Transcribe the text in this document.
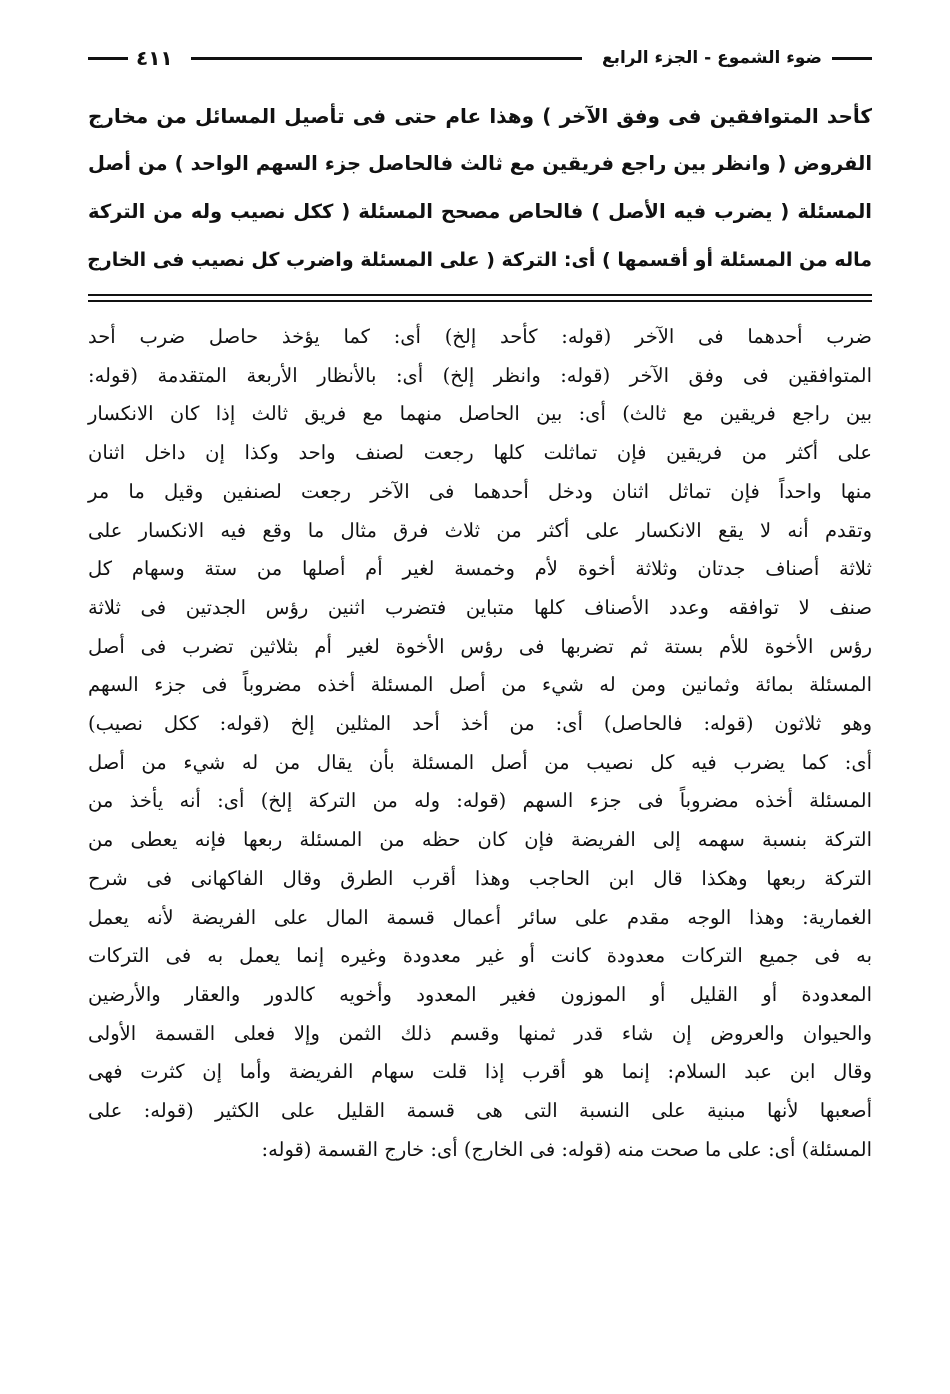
ضوء الشموع - الجزء الرابع
٤١١

كأحد المتوافقين فى وفق الآخر ) وهذا عام حتى فى تأصيل المسائل من مخارج

الفروض ( وانظر بين راجع فريقين مع ثالث فالحاصل جزء السهم الواحد ) من أصل

المسئلة ( يضرب فيه الأصل ) فالحاص مصحح المسئلة ( ككل نصيب وله من التركة

ماله من المسئلة أو أقسمها ) أى: التركة ( على المسئلة واضرب كل نصيب فى الخارج

ضرب أحدهما فى الآخر (قوله: كأحد إلخ) أى: كما يؤخذ حاصل ضرب أحد

المتوافقين فى وفق الآخر (قوله: وانظر إلخ) أى: بالأنظار الأربعة المتقدمة (قوله:

بين راجع فريقين مع ثالث) أى: بين الحاصل منهما مع فريق ثالث إذا كان الانكسار

على أكثر من فريقين فإن تماثلت كلها رجعت لصنف واحد وكذا إن داخل اثنان

منها واحداً فإن تماثل اثنان ودخل أحدهما فى الآخر رجعت لصنفين وقيل ما مر

وتقدم أنه لا يقع الانكسار على أكثر من ثلاث فرق مثال ما وقع فيه الانكسار على

ثلاثة أصناف جدتان وثلاثة أخوة لأم وخمسة لغير أم أصلها من ستة وسهام كل

صنف لا توافقه وعدد الأصناف كلها متباين فتضرب اثنين رؤس الجدتين فى ثلاثة

رؤس الأخوة للأم بستة ثم تضربها فى رؤس الأخوة لغير أم بثلاثين تضرب فى أصل

المسئلة بمائة وثمانين ومن له شيء من أصل المسئلة أخذه مضروباً فى جزء السهم

وهو ثلاثون (قوله: فالحاصل) أى: من أخذ أحد المثلين إلخ (قوله: ككل نصيب)

أى: كما يضرب فيه كل نصيب من أصل المسئلة بأن يقال من له شيء من أصل

المسئلة أخذه مضروباً فى جزء السهم (قوله: وله من التركة إلخ) أى: أنه يأخذ من

التركة بنسبة سهمه إلى الفريضة فإن كان حظه من المسئلة ربعها فإنه يعطى من

التركة ربعها وهكذا قال ابن الحاجب وهذا أقرب الطرق وقال الفاكهانى فى شرح

الغمارية: وهذا الوجه مقدم على سائر أعمال قسمة المال على الفريضة لأنه يعمل

به فى جميع التركات معدودة كانت أو غير معدودة وغيره إنما يعمل به فى التركات

المعدودة أو القليل أو الموزون فغير المعدود وأخويه كالدور والعقار والأرضين

والحيوان والعروض إن شاء قدر ثمنها وقسم ذلك الثمن وإلا فعلى القسمة الأولى

وقال ابن عبد السلام: إنما هو أقرب إذا قلت سهام الفريضة وأما إن كثرت فهى

أصعبها لأنها مبنية على النسبة التى هى قسمة القليل على الكثير (قوله: على

المسئلة) أى: على ما صحت منه (قوله: فى الخارج) أى: خارج القسمة (قوله:
